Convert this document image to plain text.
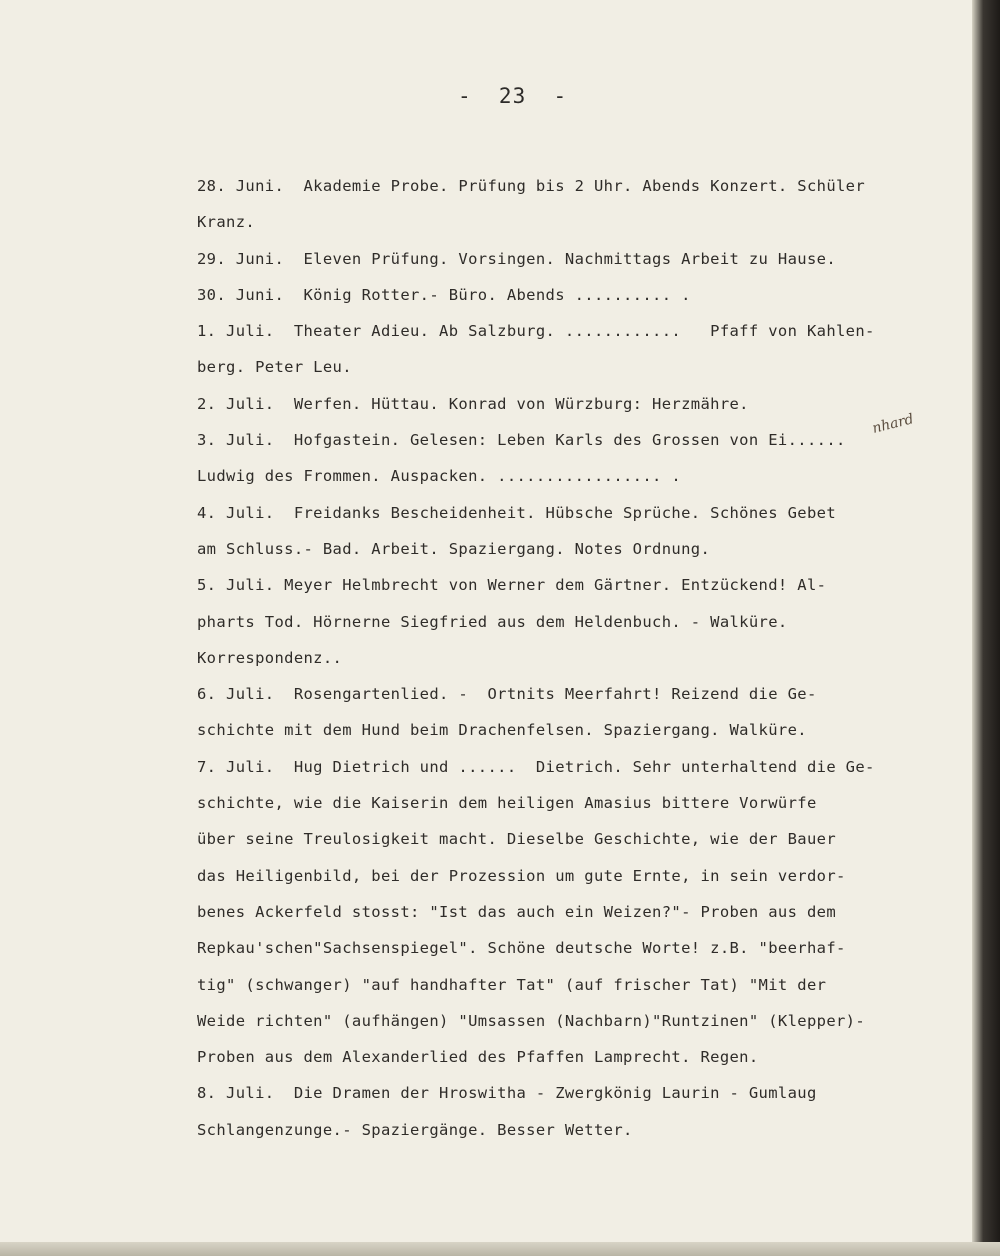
-  23  -
28. Juni.  Akademie Probe. Prüfung bis 2 Uhr. Abends Konzert. Schüler
Kranz.
29. Juni.  Eleven Prüfung. Vorsingen. Nachmittags Arbeit zu Hause.
30. Juni.  König Rotter.- Büro. Abends .......... .
1. Juli.  Theater Adieu. Ab Salzburg. ............   Pfaff von Kahlen-
berg. Peter Leu.
2. Juli.  Werfen. Hüttau. Konrad von Würzburg: Herzmähre.
3. Juli.  Hofgastein. Gelesen: Leben Karls des Grossen von Ei......
Ludwig des Frommen. Auspacken. ................. .
4. Juli.  Freidanks Bescheidenheit. Hübsche Sprüche. Schönes Gebet
am Schluss.- Bad. Arbeit. Spaziergang. Notes Ordnung.
5. Juli. Meyer Helmbrecht von Werner dem Gärtner. Entzückend! Al-
pharts Tod. Hörnerne Siegfried aus dem Heldenbuch. - Walküre.
Korrespondenz..
6. Juli.  Rosengartenlied. -  Ortnits Meerfahrt! Reizend die Ge-
schichte mit dem Hund beim Drachenfelsen. Spaziergang. Walküre.
7. Juli.  Hug Dietrich und ......  Dietrich. Sehr unterhaltend die Ge-
schichte, wie die Kaiserin dem heiligen Amasius bittere Vorwürfe
über seine Treulosigkeit macht. Dieselbe Geschichte, wie der Bauer
das Heiligenbild, bei der Prozession um gute Ernte, in sein verdor-
benes Ackerfeld stosst: "Ist das auch ein Weizen?"- Proben aus dem
Repkau'schen"Sachsenspiegel". Schöne deutsche Worte! z.B. "beerhaf-
tig" (schwanger) "auf handhafter Tat" (auf frischer Tat) "Mit der
Weide richten" (aufhängen) "Umsassen (Nachbarn)"Runtzinen" (Klepper)-
Proben aus dem Alexanderlied des Pfaffen Lamprecht. Regen.
8. Juli.  Die Dramen der Hroswitha - Zwergkönig Laurin - Gumlaug
Schlangenzunge.- Spaziergänge. Besser Wetter.
nhard
